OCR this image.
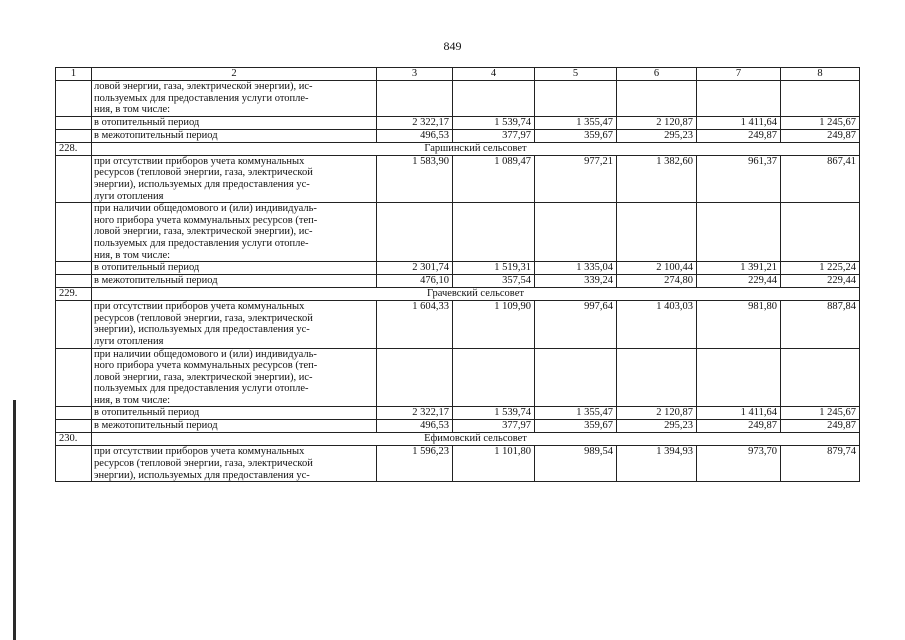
849
1	2	3	4	5	6	7	8
	ловой энергии, газа, электрической энергии), ис-
пользуемых для предоставления услуги отопле-
ния, в том числе:						
	в отопительный период	2 322,17	1 539,74	1 355,47	2 120,87	1 411,64	1 245,67
	в межотопительный период	496,53	377,97	359,67	295,23	249,87	249,87
228.	Гаршинский сельсовет						
	при отсутствии приборов учета коммунальных
ресурсов (тепловой энергии, газа, электрической
энергии), используемых для предоставления ус-
луги отопления	1 583,90	1 089,47	977,21	1 382,60	961,37	867,41
	при наличии общедомового и (или) индивидуаль-
ного прибора учета коммунальных ресурсов (теп-
ловой энергии, газа, электрической энергии), ис-
пользуемых для предоставления услуги отопле-
ния, в том числе:						
	в отопительный период	2 301,74	1 519,31	1 335,04	2 100,44	1 391,21	1 225,24
	в межотопительный период	476,10	357,54	339,24	274,80	229,44	229,44
229.	Грачевский сельсовет						
	при отсутствии приборов учета коммунальных
ресурсов (тепловой энергии, газа, электрической
энергии), используемых для предоставления ус-
луги отопления	1 604,33	1 109,90	997,64	1 403,03	981,80	887,84
	при наличии общедомового и (или) индивидуаль-
ного прибора учета коммунальных ресурсов (теп-
ловой энергии, газа, электрической энергии), ис-
пользуемых для предоставления услуги отопле-
ния, в том числе:						
	в отопительный период	2 322,17	1 539,74	1 355,47	2 120,87	1 411,64	1 245,67
	в межотопительный период	496,53	377,97	359,67	295,23	249,87	249,87
230.	Ефимовский сельсовет						
	при отсутствии приборов учета коммунальных
ресурсов (тепловой энергии, газа, электрической
энергии), используемых для предоставления ус-	1 596,23	1 101,80	989,54	1 394,93	973,70	879,74
